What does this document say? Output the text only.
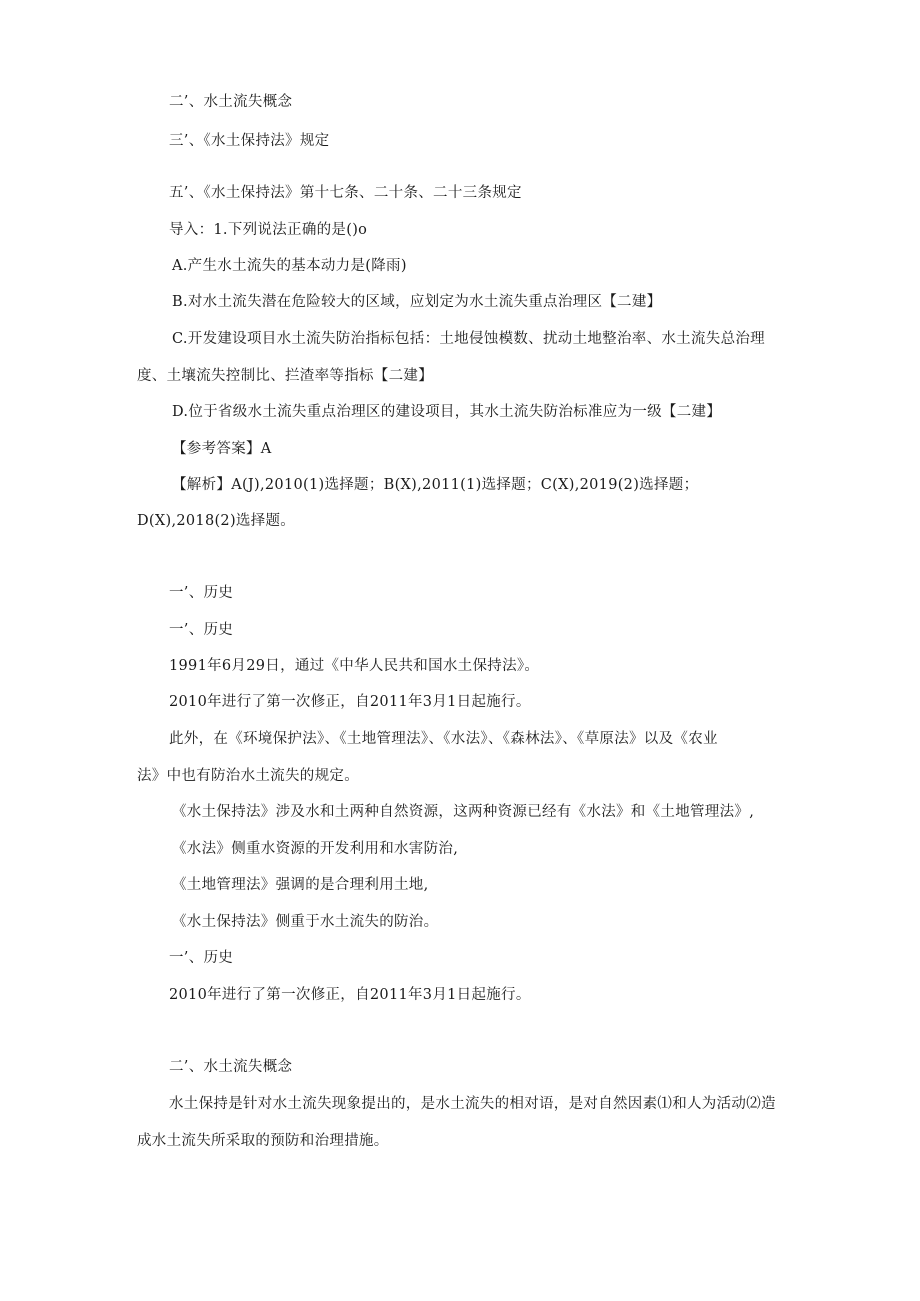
二’、水土流失概念
三’、《水土保持法》规定
五’、《水土保持法》第十七条、二十条、二十三条规定
导入：1.下列说法正确的是()o
A.产生水土流失的基本动力是(降雨)
B.对水土流失潜在危险较大的区域，应划定为水土流失重点治理区【二建】
C.开发建设项目水土流失防治指标包括：土地侵蚀模数、扰动土地整治率、水土流失总治理
度、土壤流失控制比、拦渣率等指标【二建】
D.位于省级水土流失重点治理区的建设项目，其水土流失防治标准应为一级【二建】
【参考答案】A
【解析】A(J),2010(1)选择题；B(X),2011(1)选择题；C(X),2019(2)选择题；
D(X),2018(2)选择题。
一’、历史
一’、历史
1991年6月29日，通过《中华人民共和国水土保持法》。
2010年进行了第一次修正，自2011年3月1日起施行。
此外，在《环境保护法》、《土地管理法》、《水法》、《森林法》、《草原法》以及《农业
法》中也有防治水土流失的规定。
《水土保持法》涉及水和土两种自然资源，这两种资源已经有《水法》和《土地管理法》,
《水法》侧重水资源的开发利用和水害防治,
《土地管理法》强调的是合理利用土地,
《水土保持法》侧重于水土流失的防治。
一’、历史
2010年进行了第一次修正，自2011年3月1日起施行。
二’、水土流失概念
水土保持是针对水土流失现象提出的，是水土流失的相对语，是对自然因素⑴和人为活动⑵造
成水土流失所采取的预防和治理措施。
